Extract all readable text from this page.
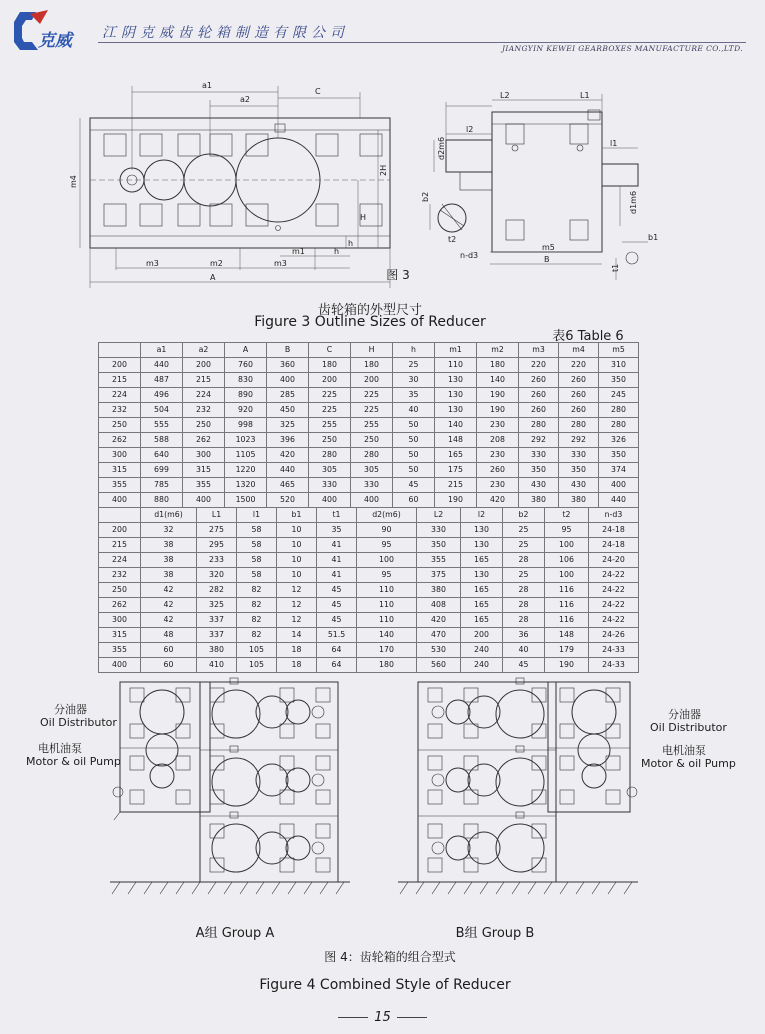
克威 江阴克威齿轮箱制造有限公司
JIANGYIN KEWEI GEARBOXES MANUFACTURE CO.,LTD.
a1
a2
C
m4
2H
H
h
m3	m2	m3
m1	h
A
L2	L1
l2
l1
d2m6
d1m6
b2
t2
n-d3
m5
B
b1
t1
图 3
齿轮箱的外型尺寸
Figure 3 Outline Sizes of Reducer
表6 Table 6
	a1	a2	A	B	C	H	h	m1	m2	m3	m4	m5
200	440	200	760	360	180	180	25	110	180	220	220	310
215	487	215	830	400	200	200	30	130	140	260	260	350
224	496	224	890	285	225	225	35	130	190	260	260	245
232	504	232	920	450	225	225	40	130	190	260	260	280
250	555	250	998	325	255	255	50	140	230	280	280	280
262	588	262	1023	396	250	250	50	148	208	292	292	326
300	640	300	1105	420	280	280	50	165	230	330	330	350
315	699	315	1220	440	305	305	50	175	260	350	350	374
355	785	355	1320	465	330	330	45	215	230	430	430	400
400	880	400	1500	520	400	400	60	190	420	380	380	440
	d1(m6)	L1	l1	b1	t1	d2(m6)	L2	l2	b2	t2	n-d3
200	32	275	58	10	35	90	330	130	25	95	24-18
215	38	295	58	10	41	95	350	130	25	100	24-18
224	38	233	58	10	41	100	355	165	28	106	24-20
232	38	320	58	10	41	95	375	130	25	100	24-22
250	42	282	82	12	45	110	380	165	28	116	24-22
262	42	325	82	12	45	110	408	165	28	116	24-22
300	42	337	82	12	45	110	420	165	28	116	24-22
315	48	337	82	14	51.5	140	470	200	36	148	24-26
355	60	380	105	18	64	170	530	240	40	179	24-33
400	60	410	105	18	64	180	560	240	45	190	24-33
分油器
Oil Distributor
电机油泵
Motor & oil Pump
分油器
Oil Distributor
电机油泵
Motor & oil Pump
A组 Group A	B组 Group B
图 4：齿轮箱的组合型式
Figure 4 Combined Style of Reducer
15
